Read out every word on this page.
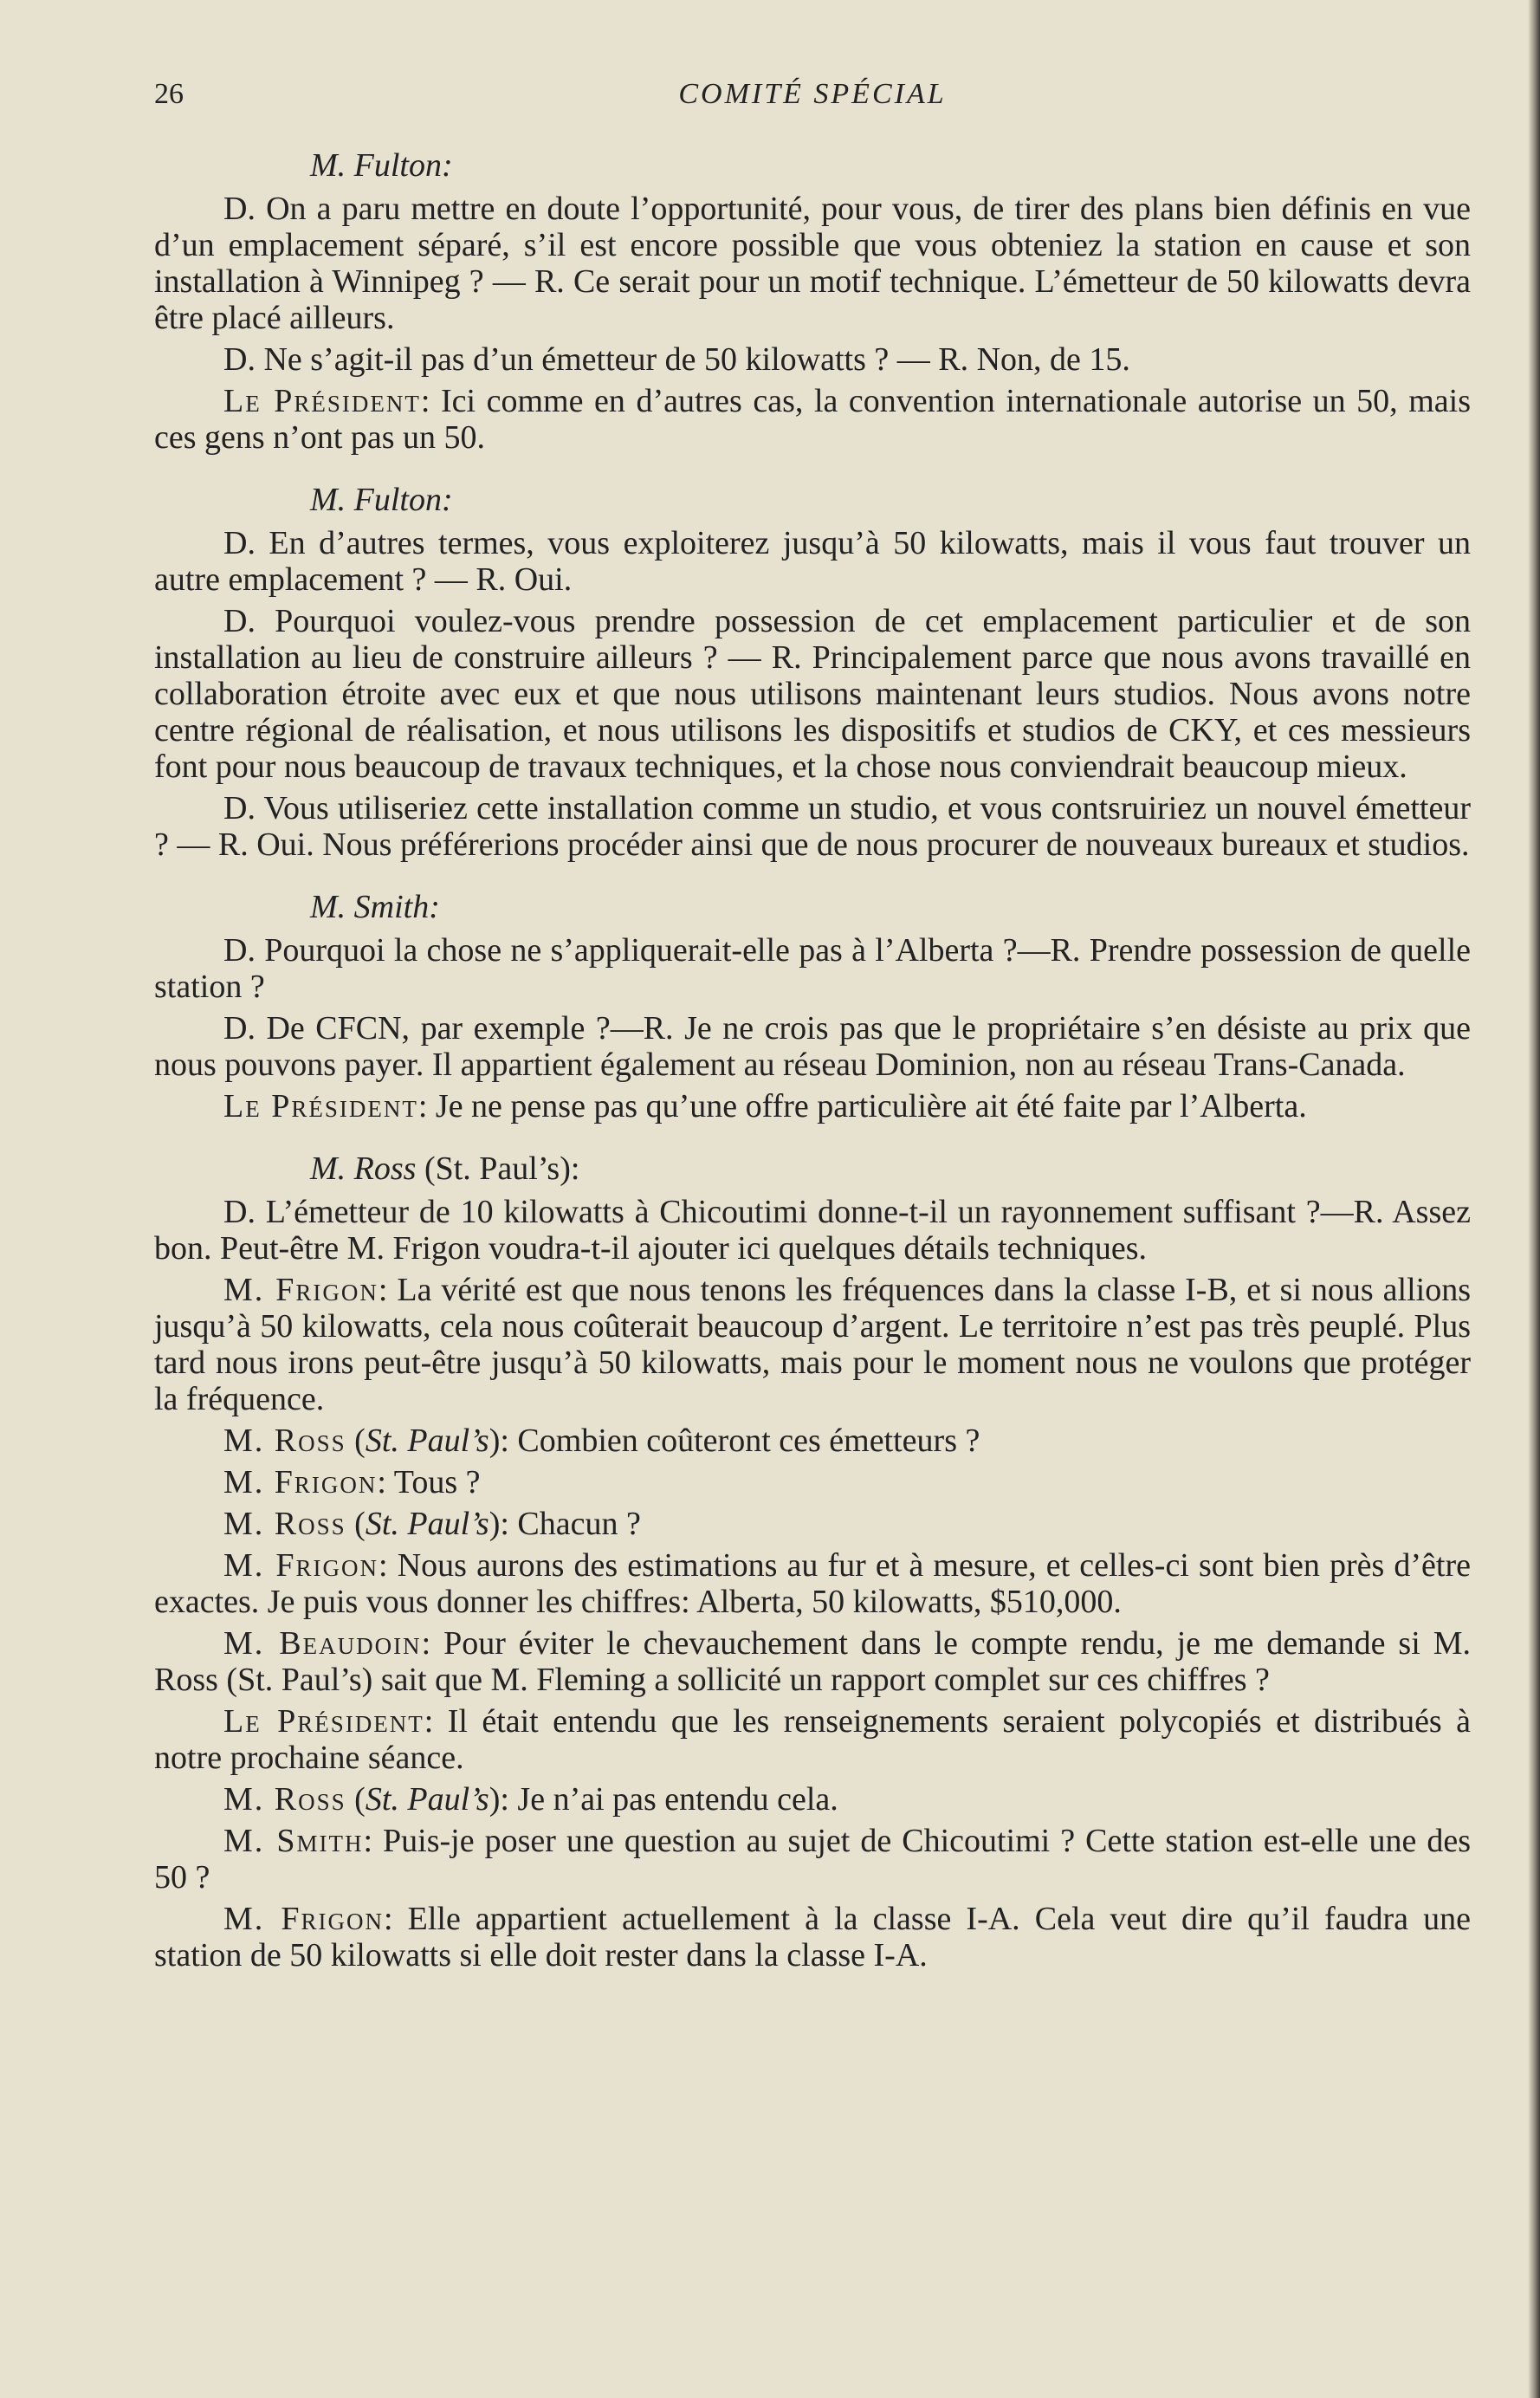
26	COMITÉ SPÉCIAL
M. Fulton:

D. On a paru mettre en doute l’opportunité, pour vous, de tirer des plans bien définis en vue d’un emplacement séparé, s’il est encore possible que vous obteniez la station en cause et son installation à Winnipeg ? — R. Ce serait pour un motif technique. L’émetteur de 50 kilowatts devra être placé ailleurs.

D. Ne s’agit-il pas d’un émetteur de 50 kilowatts ? — R. Non, de 15.

Le Président: Ici comme en d’autres cas, la convention internationale autorise un 50, mais ces gens n’ont pas un 50.

M. Fulton:

D. En d’autres termes, vous exploiterez jusqu’à 50 kilowatts, mais il vous faut trouver un autre emplacement ? — R. Oui.

D. Pourquoi voulez-vous prendre possession de cet emplacement particulier et de son installation au lieu de construire ailleurs ? — R. Principalement parce que nous avons travaillé en collaboration étroite avec eux et que nous utilisons maintenant leurs studios. Nous avons notre centre régional de réalisation, et nous utilisons les dispositifs et studios de CKY, et ces messieurs font pour nous beaucoup de travaux techniques, et la chose nous conviendrait beaucoup mieux.

D. Vous utiliseriez cette installation comme un studio, et vous contsruiriez un nouvel émetteur ? — R. Oui. Nous préférerions procéder ainsi que de nous procurer de nouveaux bureaux et studios.

M. Smith:

D. Pourquoi la chose ne s’appliquerait-elle pas à l’Alberta ?—R. Prendre possession de quelle station ?

D. De CFCN, par exemple ?—R. Je ne crois pas que le propriétaire s’en désiste au prix que nous pouvons payer. Il appartient également au réseau Dominion, non au réseau Trans-Canada.

Le Président: Je ne pense pas qu’une offre particulière ait été faite par l’Alberta.

M. Ross (St. Paul’s):

D. L’émetteur de 10 kilowatts à Chicoutimi donne-t-il un rayonnement suffisant ?—R. Assez bon. Peut-être M. Frigon voudra-t-il ajouter ici quelques détails techniques.

M. Frigon: La vérité est que nous tenons les fréquences dans la classe I-B, et si nous allions jusqu’à 50 kilowatts, cela nous coûterait beaucoup d’argent. Le territoire n’est pas très peuplé. Plus tard nous irons peut-être jusqu’à 50 kilowatts, mais pour le moment nous ne voulons que protéger la fréquence.

M. Ross (St. Paul’s): Combien coûteront ces émetteurs ?

M. Frigon: Tous ?

M. Ross (St. Paul’s): Chacun ?

M. Frigon: Nous aurons des estimations au fur et à mesure, et celles-ci sont bien près d’être exactes. Je puis vous donner les chiffres: Alberta, 50 kilowatts, $510,000.

M. Beaudoin: Pour éviter le chevauchement dans le compte rendu, je me demande si M. Ross (St. Paul’s) sait que M. Fleming a sollicité un rapport complet sur ces chiffres ?

Le Président: Il était entendu que les renseignements seraient polycopiés et distribués à notre prochaine séance.

M. Ross (St. Paul’s): Je n’ai pas entendu cela.

M. Smith: Puis-je poser une question au sujet de Chicoutimi ? Cette station est-elle une des 50 ?

M. Frigon: Elle appartient actuellement à la classe I-A. Cela veut dire qu’il faudra une station de 50 kilowatts si elle doit rester dans la classe I-A.
